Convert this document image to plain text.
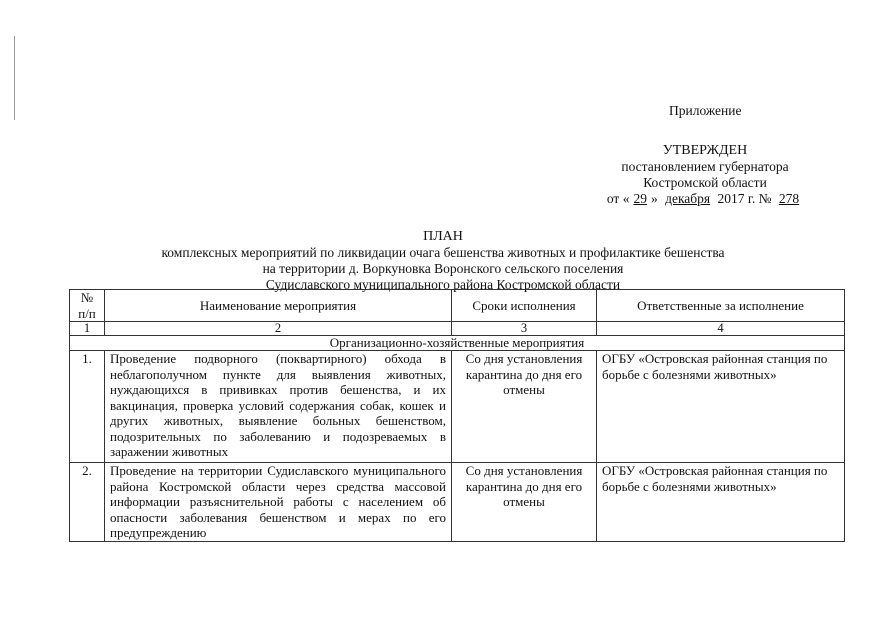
Приложение
УТВЕРЖДЕН
постановлением губернатора
Костромской области
от « 29 » декабря 2017 г. № 278
ПЛАН
комплексных мероприятий по ликвидации очага бешенства животных и профилактике бешенства
на территории д. Воркуновка Воронского сельского поселения
Судиславского муниципального района Костромской области
№ п/п	Наименование мероприятия	Сроки исполнения	Ответственные за исполнение
1	2	3	4
Организационно-хозяйственные мероприятия			
1.	Проведение подворного (поквартирного) обхода в неблагополучном пункте для выявления животных, нуждающихся в прививках против бешенства, и их вакцинация, проверка условий содержания собак, кошек и других животных, выявление больных бешенством, подозрительных по заболеванию и подозреваемых в заражении животных	Со дня установления карантина до дня его отмены	ОГБУ «Островская районная станция по борьбе с болезнями животных»
2.	Проведение на территории Судиславского муниципального района Костромской области через средства массовой информации разъяснительной работы с населением об опасности заболевания бешенством и мерах по его предупреждению	Со дня установления карантина до дня его отмены	ОГБУ «Островская районная станция по борьбе с болезнями животных»
